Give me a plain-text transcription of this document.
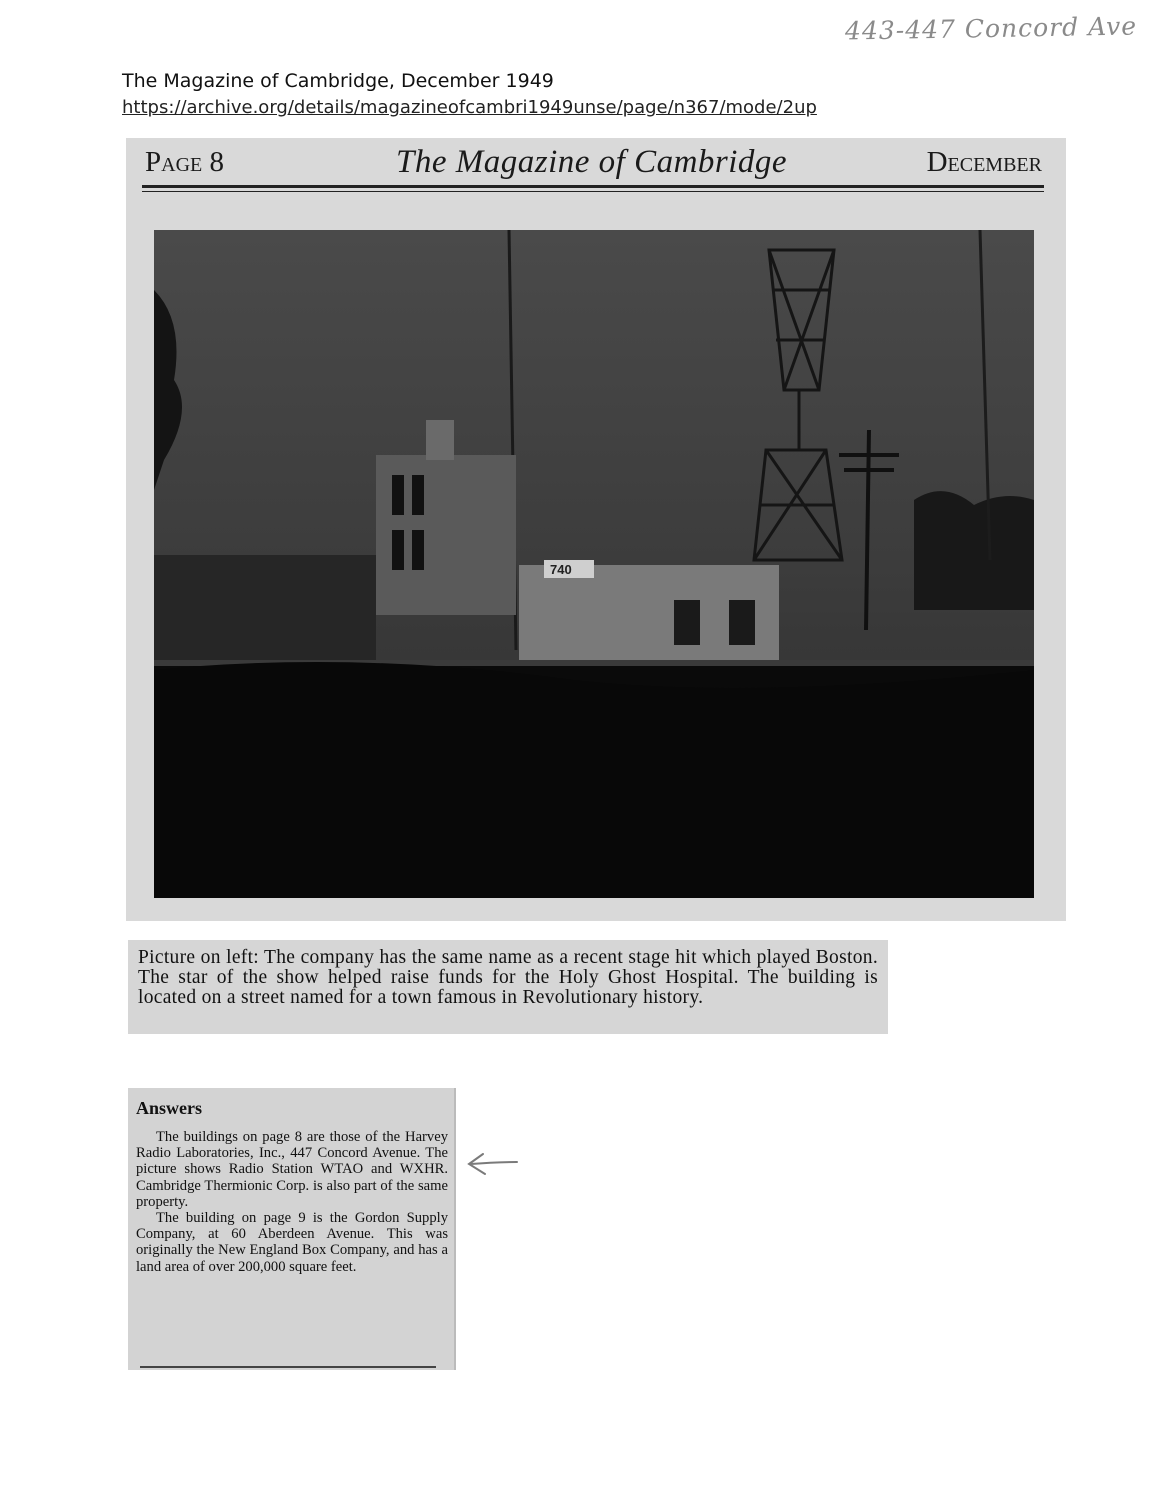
443-447 Concord Ave
The Magazine of Cambridge, December 1949
https://archive.org/details/magazineofcambri1949unse/page/n367/mode/2up
Page 8	The Magazine of Cambridge	December
740
Picture on left: The company has the same name as a recent stage hit which played Boston. The star of the show helped raise funds for the Holy Ghost Hospital. The building is located on a street named for a town famous in Revolutionary history.
Answers

The buildings on page 8 are those of the Harvey Radio Laboratories, Inc., 447 Concord Avenue. The picture shows Radio Station WTAO and WXHR. Cambridge Thermionic Corp. is also part of the same property.

The building on page 9 is the Gordon Supply Company, at 60 Aberdeen Avenue. This was originally the New England Box Company, and has a land area of over 200,000 square feet.
